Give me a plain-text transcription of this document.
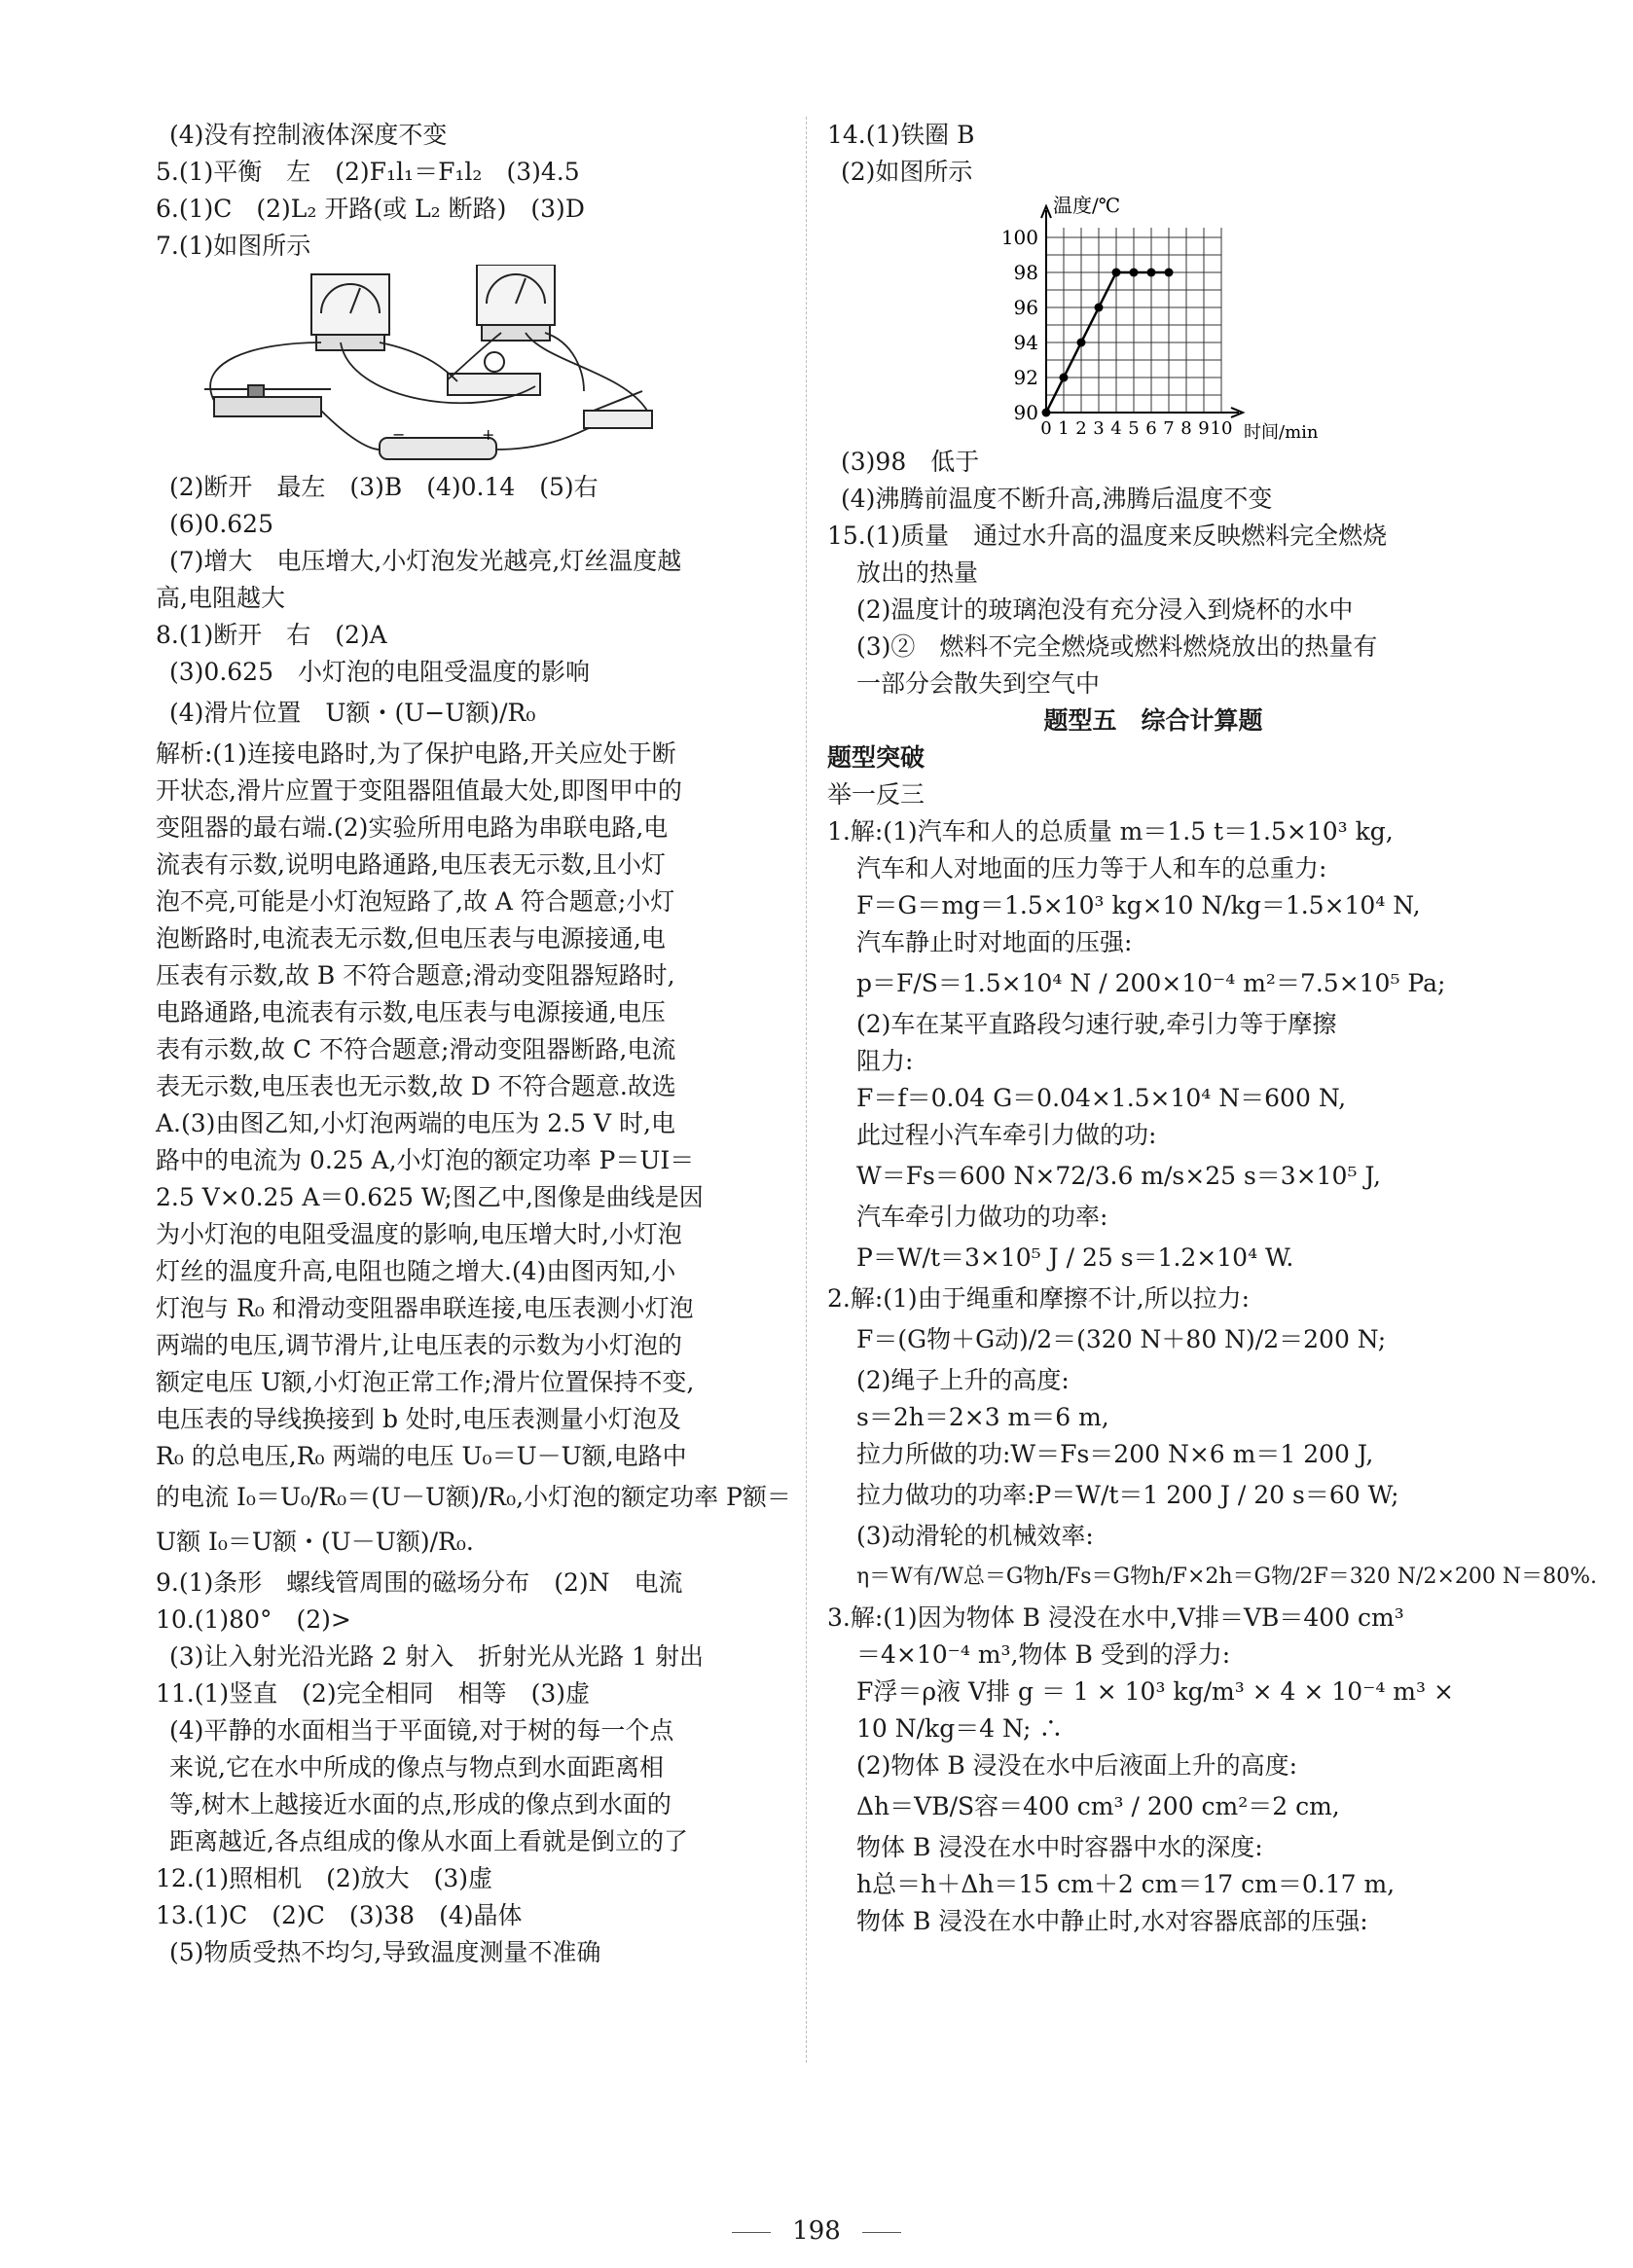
(4)没有控制液体深度不变
5.(1)平衡　左　(2)F₁l₁＝F₁l₂　(3)4.5
6.(1)C　(2)L₂ 开路(或 L₂ 断路)　(3)D
7.(1)如图所示
−	+
(2)断开　最左　(3)B　(4)0.14　(5)右
(6)0.625
(7)增大　电压增大,小灯泡发光越亮,灯丝温度越
高,电阻越大
8.(1)断开　右　(2)A
(3)0.625　小灯泡的电阻受温度的影响
(4)滑片位置　U额・(U−U额)/R₀
解析:(1)连接电路时,为了保护电路,开关应处于断
开状态,滑片应置于变阻器阻值最大处,即图甲中的
变阻器的最右端.(2)实验所用电路为串联电路,电
流表有示数,说明电路通路,电压表无示数,且小灯
泡不亮,可能是小灯泡短路了,故 A 符合题意;小灯
泡断路时,电流表无示数,但电压表与电源接通,电
压表有示数,故 B 不符合题意;滑动变阻器短路时,
电路通路,电流表有示数,电压表与电源接通,电压
表有示数,故 C 不符合题意;滑动变阻器断路,电流
表无示数,电压表也无示数,故 D 不符合题意.故选
A.(3)由图乙知,小灯泡两端的电压为 2.5 V 时,电
路中的电流为 0.25 A,小灯泡的额定功率 P＝UI＝
2.5 V×0.25 A＝0.625 W;图乙中,图像是曲线是因
为小灯泡的电阻受温度的影响,电压增大时,小灯泡
灯丝的温度升高,电阻也随之增大.(4)由图丙知,小
灯泡与 R₀ 和滑动变阻器串联连接,电压表测小灯泡
两端的电压,调节滑片,让电压表的示数为小灯泡的
额定电压 U额,小灯泡正常工作;滑片位置保持不变,
电压表的导线换接到 b 处时,电压表测量小灯泡及
R₀ 的总电压,R₀ 两端的电压 U₀＝U－U额,电路中
的电流 I₀＝U₀/R₀＝(U－U额)/R₀,小灯泡的额定功率 P额＝
U额 I₀＝U额・(U－U额)/R₀.
9.(1)条形　螺线管周围的磁场分布　(2)N　电流
10.(1)80°　(2)>
(3)让入射光沿光路 2 射入　折射光从光路 1 射出
11.(1)竖直　(2)完全相同　相等　(3)虚
(4)平静的水面相当于平面镜,对于树的每一个点
来说,它在水中所成的像点与物点到水面距离相
等,树木上越接近水面的点,形成的像点到水面的
距离越近,各点组成的像从水面上看就是倒立的了
12.(1)照相机　(2)放大　(3)虚
13.(1)C　(2)C　(3)38　(4)晶体
(5)物质受热不均匀,导致温度测量不准确
14.(1)铁圈 B
(2)如图所示
90
92
94
96
98
100
0 1 2 3 4 5 6 7 8 9 10
温度/℃
时间/min
(3)98　低于
(4)沸腾前温度不断升高,沸腾后温度不变
15.(1)质量　通过水升高的温度来反映燃料完全燃烧
放出的热量
(2)温度计的玻璃泡没有充分浸入到烧杯的水中
(3)②　燃料不完全燃烧或燃料燃烧放出的热量有
一部分会散失到空气中
题型五　综合计算题
题型突破
举一反三
1.解:(1)汽车和人的总质量 m＝1.5 t＝1.5×10³ kg,
汽车和人对地面的压力等于人和车的总重力:
F＝G＝mg＝1.5×10³ kg×10 N/kg＝1.5×10⁴ N,
汽车静止时对地面的压强:
p＝F/S＝1.5×10⁴ N / 200×10⁻⁴ m²＝7.5×10⁵ Pa;
(2)车在某平直路段匀速行驶,牵引力等于摩擦
阻力:
F＝f＝0.04 G＝0.04×1.5×10⁴ N＝600 N,
此过程小汽车牵引力做的功:
W＝Fs＝600 N×72/3.6 m/s×25 s＝3×10⁵ J,
汽车牵引力做功的功率:
P＝W/t＝3×10⁵ J / 25 s＝1.2×10⁴ W.
2.解:(1)由于绳重和摩擦不计,所以拉力:
F＝(G物＋G动)/2＝(320 N＋80 N)/2＝200 N;
(2)绳子上升的高度:
s＝2h＝2×3 m＝6 m,
拉力所做的功:W＝Fs＝200 N×6 m＝1 200 J,
拉力做功的功率:P＝W/t＝1 200 J / 20 s＝60 W;
(3)动滑轮的机械效率:
η＝W有/W总＝G物h/Fs＝G物h/F×2h＝G物/2F＝320 N/2×200 N＝80%.
3.解:(1)因为物体 B 浸没在水中,V排＝VB＝400 cm³
＝4×10⁻⁴ m³,物体 B 受到的浮力:
F浮＝ρ液 V排 g ＝ 1 × 10³ kg/m³ × 4 × 10⁻⁴ m³ ×
10 N/kg＝4 N; ∴
(2)物体 B 浸没在水中后液面上升的高度:
Δh＝VB/S容＝400 cm³ / 200 cm²＝2 cm,
物体 B 浸没在水中时容器中水的深度:
h总＝h＋Δh＝15 cm＋2 cm＝17 cm＝0.17 m,
物体 B 浸没在水中静止时,水对容器底部的压强:
198
